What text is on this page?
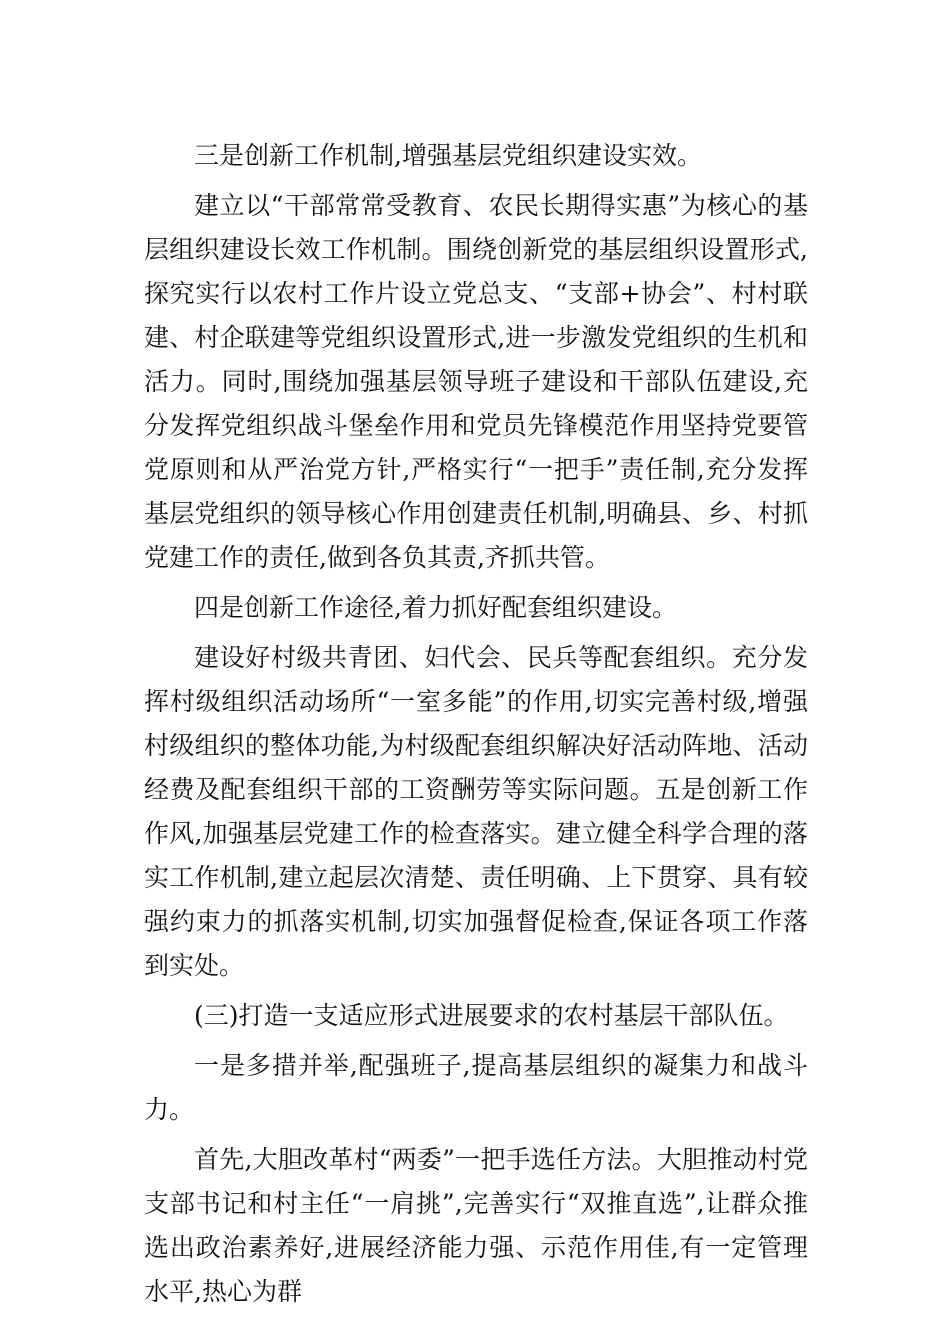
三是创新工作机制,增强基层党组织建设实效。

建立以“干部常常受教育、农民长期得实惠”为核心的基层组织建设长效工作机制。围绕创新党的基层组织设置形式,探究实行以农村工作片设立党总支、“支部+协会”、村村联建、村企联建等党组织设置形式,进一步激发党组织的生机和活力。同时,围绕加强基层领导班子建设和干部队伍建设,充分发挥党组织战斗堡垒作用和党员先锋模范作用坚持党要管党原则和从严治党方针,严格实行“一把手”责任制,充分发挥基层党组织的领导核心作用创建责任机制,明确县、乡、村抓党建工作的责任,做到各负其责,齐抓共管。

四是创新工作途径,着力抓好配套组织建设。

建设好村级共青团、妇代会、民兵等配套组织。充分发挥村级组织活动场所“一室多能”的作用,切实完善村级,增强村级组织的整体功能,为村级配套组织解决好活动阵地、活动经费及配套组织干部的工资酬劳等实际问题。五是创新工作作风,加强基层党建工作的检查落实。建立健全科学合理的落实工作机制,建立起层次清楚、责任明确、上下贯穿、具有较强约束力的抓落实机制,切实加强督促检查,保证各项工作落到实处。

(三)打造一支适应形式进展要求的农村基层干部队伍。

一是多措并举,配强班子,提高基层组织的凝集力和战斗力。

首先,大胆改革村“两委”一把手选任方法。大胆推动村党支部书记和村主任“一肩挑”,完善实行“双推直选”,让群众推选出政治素养好,进展经济能力强、示范作用佳,有一定管理水平,热心为群
